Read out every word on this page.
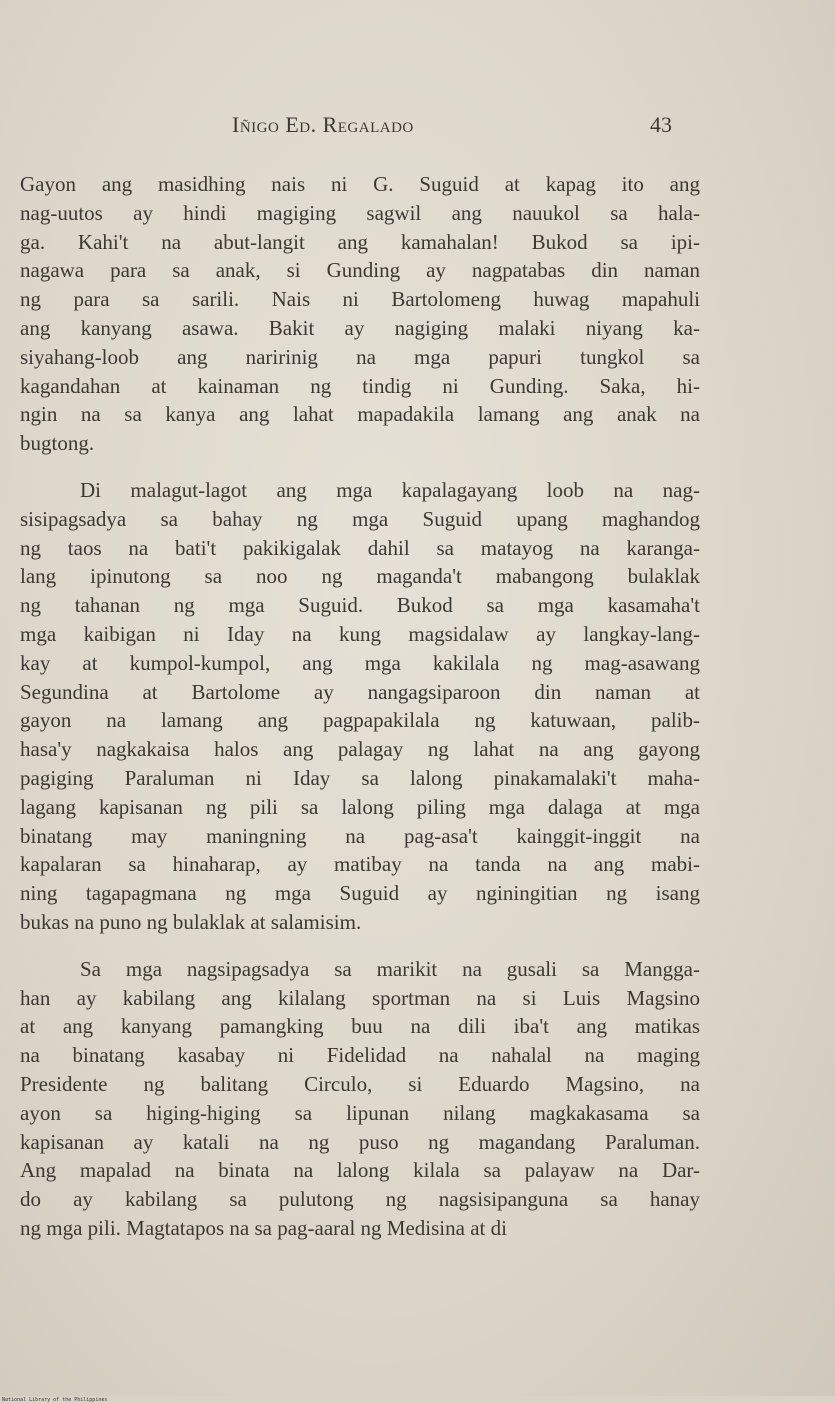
Iñigo Ed. Regalado	43
Gayon ang masidhing nais ni G. Suguid at kapag ito ang
nag-uutos ay hindi magiging sagwil ang nauukol sa hala-
ga. Kahi't na abut-langit ang kamahalan! Bukod sa ipi-
nagawa para sa anak, si Gunding ay nagpatabas din naman
ng para sa sarili. Nais ni Bartolomeng huwag mapahuli
ang kanyang asawa. Bakit ay nagiging malaki niyang ka-
siyahang-loob ang naririnig na mga papuri tungkol sa
kagandahan at kainaman ng tindig ni Gunding. Saka, hi-
ngin na sa kanya ang lahat mapadakila lamang ang anak na
bugtong.
Di malagut-lagot ang mga kapalagayang loob na nag-
sisipagsadya sa bahay ng mga Suguid upang maghandog
ng taos na bati't pakikigalak dahil sa matayog na karanga-
lang ipinutong sa noo ng maganda't mabangong bulaklak
ng tahanan ng mga Suguid. Bukod sa mga kasamaha't
mga kaibigan ni Iday na kung magsidalaw ay langkay-lang-
kay at kumpol-kumpol, ang mga kakilala ng mag-asawang
Segundina at Bartolome ay nangagsiparoon din naman at
gayon na lamang ang pagpapakilala ng katuwaan, palib-
hasa'y nagkakaisa halos ang palagay ng lahat na ang gayong
pagiging Paraluman ni Iday sa lalong pinakamalaki't maha-
lagang kapisanan ng pili sa lalong piling mga dalaga at mga
binatang may maningning na pag-asa't kainggit-inggit na
kapalaran sa hinaharap, ay matibay na tanda na ang mabi-
ning tagapagmana ng mga Suguid ay nginingitian ng isang
bukas na puno ng bulaklak at salamisim.
Sa mga nagsipagsadya sa marikit na gusali sa Mangga-
han ay kabilang ang kilalang sportman na si Luis Magsino
at ang kanyang pamangking buu na dili iba't ang matikas
na binatang kasabay ni Fidelidad na nahalal na maging
Presidente ng balitang Circulo, si Eduardo Magsino, na
ayon sa higing-higing sa lipunan nilang magkakasama sa
kapisanan ay katali na ng puso ng magandang Paraluman.
Ang mapalad na binata na lalong kilala sa palayaw na Dar-
do ay kabilang sa pulutong ng nagsisipanguna sa hanay
ng mga pili. Magtatapos na sa pag-aaral ng Medisina at di
National Library of the Philippines
